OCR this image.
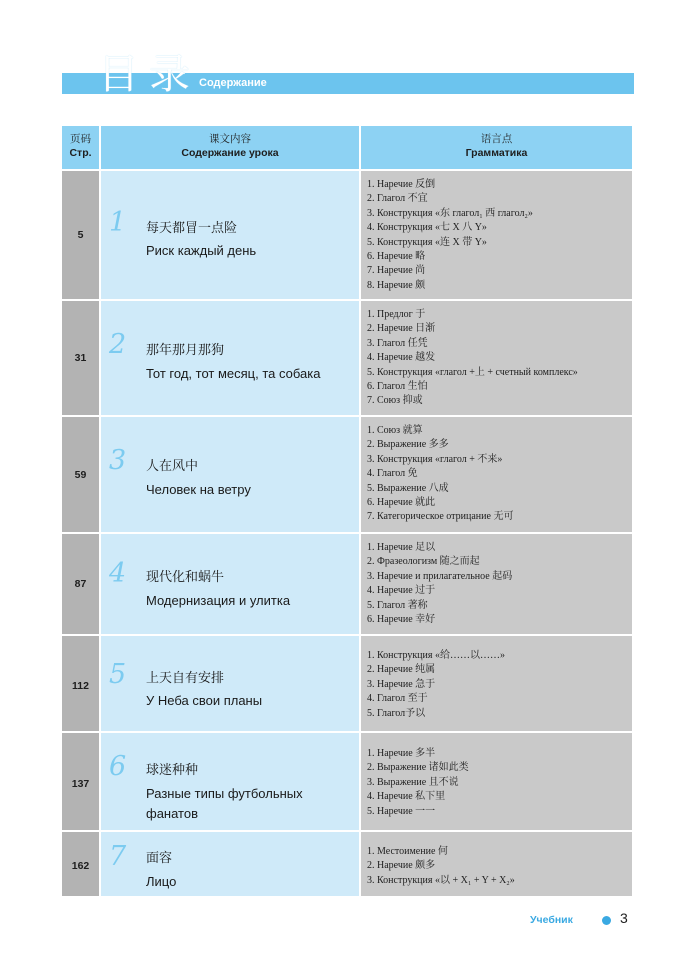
目录 Содержание
页码
Стр.
课文内容
Содержание урока
语言点
Грамматика
5 1 每天都冒一点险
Риск каждый день
1. Наречие 反倒
2. Глагол 不宜
3. Конструкция «东 глагол₁ 西 глагол₂»
4. Конструкция «七 X 八 Y»
5. Конструкция «连 X 带 Y»
6. Наречие 略
7. Наречие 尚
8. Наречие 颇
31 2 那年那月那狗
Тот год, тот месяц, та собака
1. Предлог 于
2. Наречие 日渐
3. Глагол 任凭
4. Наречие 越发
5. Конструкция «глагол +上 + счетный комплекс»
6. Глагол 生怕
7. Союз 抑或
59 3 人在风中
Человек на ветру
1. Союз 就算
2. Выражение 多多
3. Конструкция «глагол + 不来»
4. Глагол 免
5. Выражение 八成
6. Наречие 就此
7. Категорическое отрицание 无可
87 4 现代化和蜗牛
Модернизация и улитка
1. Наречие 足以
2. Фразеологизм 随之而起
3. Наречие и прилагательное 起码
4. Наречие 过于
5. Глагол 著称
6. Наречие 幸好
112 5 上天自有安排
У Неба свои планы
1. Конструкция «给……以……»
2. Наречие 纯属
3. Наречие 急于
4. Глагол 至于
5. Глагол予以
137
6 球迷种种
Разные типы футбольных фанатов
1. Наречие 多半
2. Выражение 诸如此类
3. Выражение 且不说
4. Наречие 私下里
5. Наречие 一一
162 7 面容
Лицо
1. Местоимение 何
2. Наречие 颇多
3. Конструкция «以 + X₁ + Y + X₂»
Учебник	3
